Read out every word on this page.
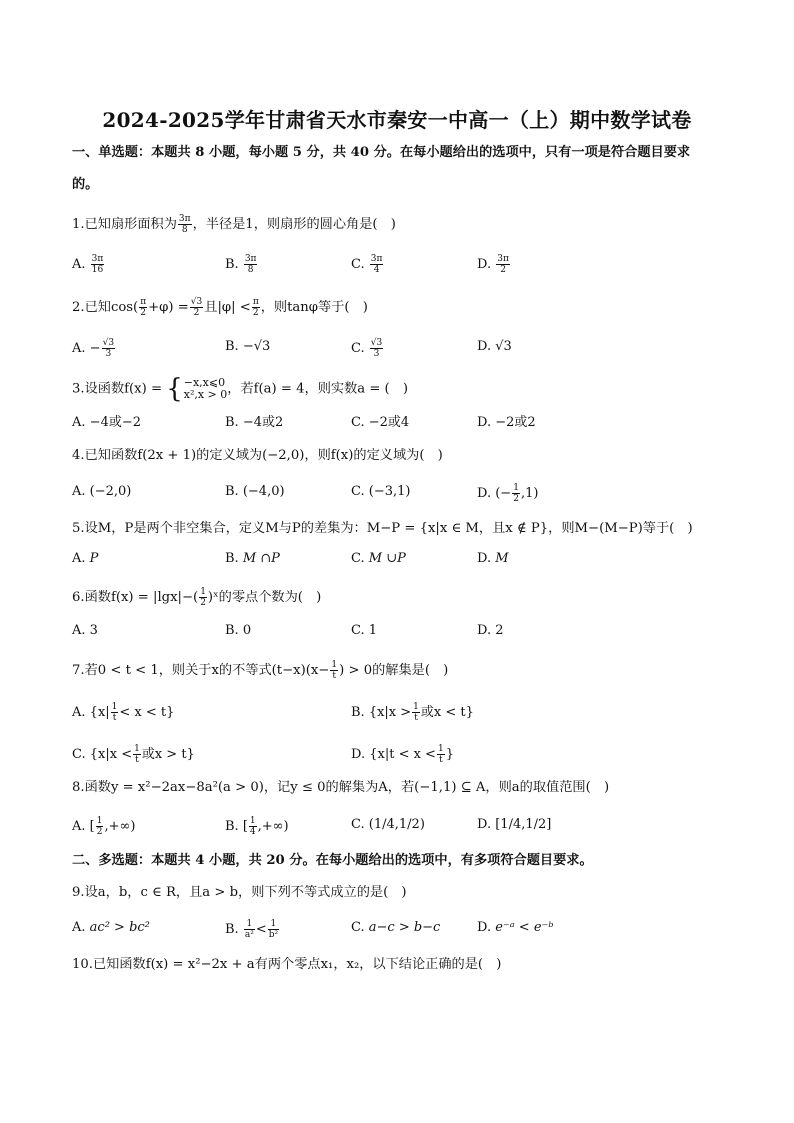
2024-2025学年甘肃省天水市秦安一中高一（上）期中数学试卷
一、单选题：本题共 8 小题，每小题 5 分，共 40 分。在每小题给出的选项中，只有一项是符合题目要求
的。
1.已知扇形面积为 $\frac{3\pi}{8}$ ，半径是1，则扇形的圆心角是(　)
A. $\frac{3\pi}{16}$	B. $\frac{3\pi}{8}$	C. $\frac{3\pi}{4}$	D. $\frac{3\pi}{2}$
2.已知$\cos( \frac{\pi}{2} +\varphi) = \frac{√3}{2}$ 且$|\varphi| < \frac{\pi}{2}$ ，则tanφ等于(　)
A. − $\frac{√3}{3}$	B. −√3	C. $\frac{√3}{3}$	D. √3
3.设函数f(x) = { −x,x⩽0
x²,x > 0 ，若f(a) = 4，则实数a = (　)
A. −4或−2	B. −4或2	C. −2或4	D. −2或2
4.已知函数f(2x + 1)的定义域为(−2,0)，则f(x)的定义域为(　)
A. (−2,0)	B. (−4,0)	C. (−3,1)	D. (− $\frac{1}{2} ,1$)
5.设M，P是两个非空集合，定义M与P的差集为：M−P = {x|x ∈ M，且x ∉ P}，则M−(M−P)等于(　)
A. P	B. M ∩P	C. M ∪P	D. M
6.函数$f(x) = |\lg x|-( \frac{1}{2}$ )ˣ的零点个数为(　)
A. 3	B. 0	C. 1	D. 2
7.若0 < t < 1，则关于x的不等式$(t-x)(x- \frac{1}{t}$ ) > 0的解集是(　)
A. $\{x| \frac{1}{t} < x < t\}$	B. {$x|x > \frac{1}{t}$ 或x < t}
C. {$x|x < \frac{1}{t}$ 或x > t}	D. {$x|t < x < \frac{1}{t}$ }
8.函数y = x²−2ax−8a²(a > 0)，记y ≤ 0的解集为A，若(−1,1) ⊆ A，则a的取值范围(　)
A. [ $\frac{1}{2}$ ,+∞)	B. [ $\frac{1}{4}$ ,+∞)	C. (1/4,1/2)	D. [1/4,1/2]
二、多选题：本题共 4 小题，共 20 分。在每小题给出的选项中，有多项符合题目要求。
9.设a，b，c ∈ R，且a > b，则下列不等式成立的是(　)
A. ac² > bc²	B. $\frac{1}{\text{a²}} < \frac{1}{\text{b²}}$	C. a−c > b−c	D. e⁻ᵃ < e⁻ᵇ
10.已知函数f(x) = x²−2x + a有两个零点x₁，x₂，以下结论正确的是(　)
